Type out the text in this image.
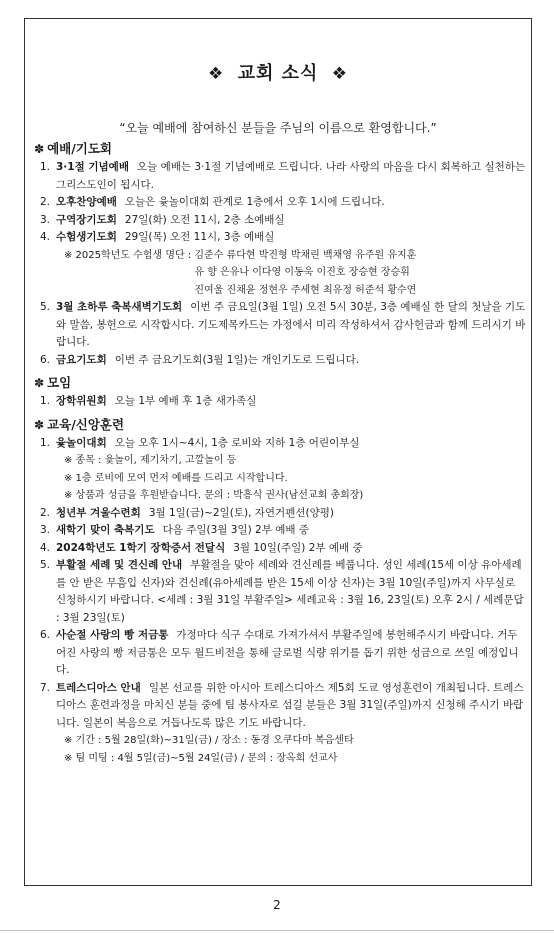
❖ 교회 소식 ❖
“오늘 예배에 참여하신 분들을 주님의 이름으로 환영합니다.”
✽ 예배/기도회
1. 3·1절 기념예배 오늘 예배는 3·1절 기념예배로 드립니다. 나라 사랑의 마음을 다시 회복하고 실천하는 그리스도인이 됩시다.
2. 오후찬양예배 오늘은 윷놀이대회 관계로 1층에서 오후 1시에 드립니다.
3. 구역장기도회 27일(화) 오전 11시, 2층 소예배실
4. 수험생기도회 29일(목) 오전 11시, 3층 예배실
※ 2025학년도 수험생 명단 : 김준수 류다현 박진형 박채린 백채영 유주원 유지훈
유 향 은유나 이다영 이동욱 이진호 장승현 장승휘
진여울 진채윤 정현우 주세현 최유정 허준석 황수연
5. 3월 초하루 축복새벽기도회 이번 주 금요일(3월 1일) 오전 5시 30분, 3층 예배실 한 달의 첫날을 기도와 말씀, 봉헌으로 시작합시다. 기도제목카드는 가정에서 미리 작성하셔서 감사헌금과 함께 드리시기 바랍니다.
6. 금요기도회 이번 주 금요기도회(3월 1일)는 개인기도로 드립니다.
✽ 모임
1. 장학위원회 오늘 1부 예배 후 1층 새가족실
✽ 교육/신앙훈련
1. 윷놀이대회 오늘 오후 1시~4시, 1층 로비와 지하 1층 어린이부실
※ 종목 : 윷놀이, 제기차기, 고깔놀이 등
※ 1층 로비에 모여 먼저 예배를 드리고 시작합니다.
※ 상품과 성금을 후원받습니다. 문의 : 박흥식 권사(남선교회 총회장)
2. 청년부 겨울수련회 3월 1일(금)~2일(토), 자연거펜션(양평)
3. 새학기 맞이 축복기도 다음 주일(3월 3일) 2부 예배 중
4. 2024학년도 1학기 장학증서 전달식 3월 10일(주일) 2부 예배 중
5. 부활절 세례 및 견신례 안내 부활절을 맞아 세례와 견신례를 베풉니다. 성인 세례(15세 이상 유아세례를 안 받은 무흠입 신자)와 견신례(유아세례를 받은 15세 이상 신자)는 3월 10일(주일)까지 사무실로 신청하시기 바랍니다. <세례 : 3월 31일 부활주일> 세례교육 : 3월 16, 23일(토) 오후 2시 / 세례문답 : 3월 23일(토)
6. 사순절 사랑의 빵 저금통 가정마다 식구 수대로 가져가셔서 부활주일에 봉헌해주시기 바랍니다. 거두어진 사랑의 빵 저금통은 모두 월드비전을 통해 글로벌 식량 위기를 돕기 위한 성금으로 쓰일 예정입니다.
7. 트레스디아스 안내 일본 선교를 위한 아시아 트레스디아스 제5회 도쿄 영성훈련이 개최됩니다. 트레스디아스 훈련과정을 마치신 분들 중에 팀 봉사자로 섬길 분들은 3월 31일(주일)까지 신청해 주시기 바랍니다. 일본이 복음으로 거듭나도록 많은 기도 바랍니다.
※ 기간 : 5월 28일(화)~31일(금) / 장소 : 동경 오쿠다마 복음센타
※ 팀 미팅 : 4월 5일(금)~5월 24일(금) / 문의 : 장옥희 선교사
2
